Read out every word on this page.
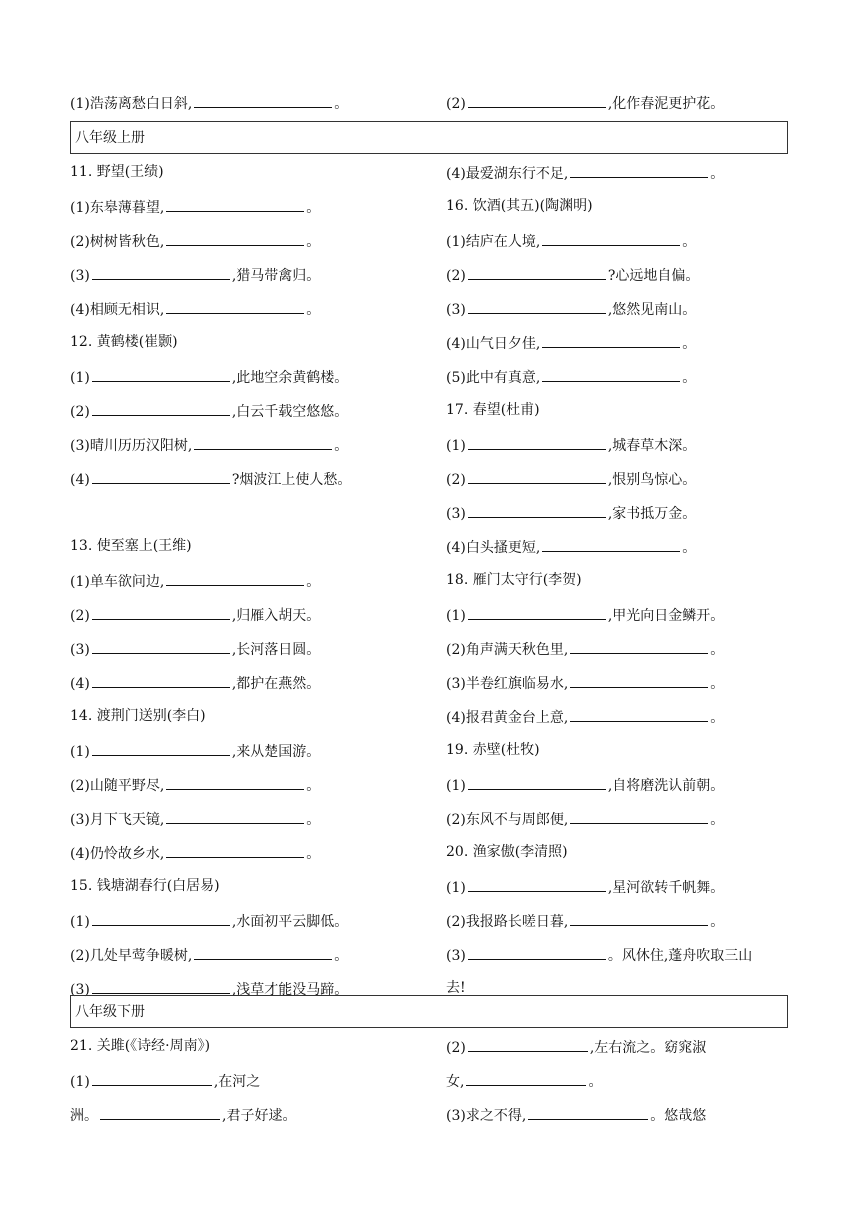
(1)浩荡离愁白日斜,	。	(2)	,化作春泥更护花。
八年级上册
11. 野望(王绩)
(1)东皋薄暮望,	。
(2)树树皆秋色,	。
(3)	,猎马带禽归。
(4)相顾无相识,	。
12. 黄鹤楼(崔颢)
(1)	,此地空余黄鹤楼。
(2)	,白云千载空悠悠。
(3)晴川历历汉阳树,	。
(4)	?烟波江上使人愁。
13. 使至塞上(王维)
(1)单车欲问边,	。
(2)	,归雁入胡天。
(3)	,长河落日圆。
(4)	,都护在燕然。
14. 渡荆门送别(李白)
(1)	,来从楚国游。
(2)山随平野尽,	。
(3)月下飞天镜,	。
(4)仍怜故乡水,	。
15. 钱塘湖春行(白居易)
(1)	,水面初平云脚低。
(2)几处早莺争暖树,	。
(3)	,浅草才能没马蹄。
(4)最爱湖东行不足,	。
16. 饮酒(其五)(陶渊明)
(1)结庐在人境,	。
(2)	?心远地自偏。
(3)	,悠然见南山。
(4)山气日夕佳,	。
(5)此中有真意,	。
17. 春望(杜甫)
(1)	,城春草木深。
(2)	,恨别鸟惊心。
(3)	,家书抵万金。
(4)白头搔更短,	。
18. 雁门太守行(李贺)
(1)	,甲光向日金鳞开。
(2)角声满天秋色里,	。
(3)半卷红旗临易水,	。
(4)报君黄金台上意,	。
19. 赤壁(杜牧)
(1)	,自将磨洗认前朝。
(2)东风不与周郎便,	。
20. 渔家傲(李清照)
(1)	,星河欲转千帆舞。
(2)我报路长嗟日暮,	。
(3)	。风休住,蓬舟吹取三山
去!
八年级下册
21. 关雎(《诗经·周南》)
(1)	,在河之
洲。	,君子好逑。
(2)	,左右流之。窈窕淑
女,	。
(3)求之不得,	。悠哉悠
